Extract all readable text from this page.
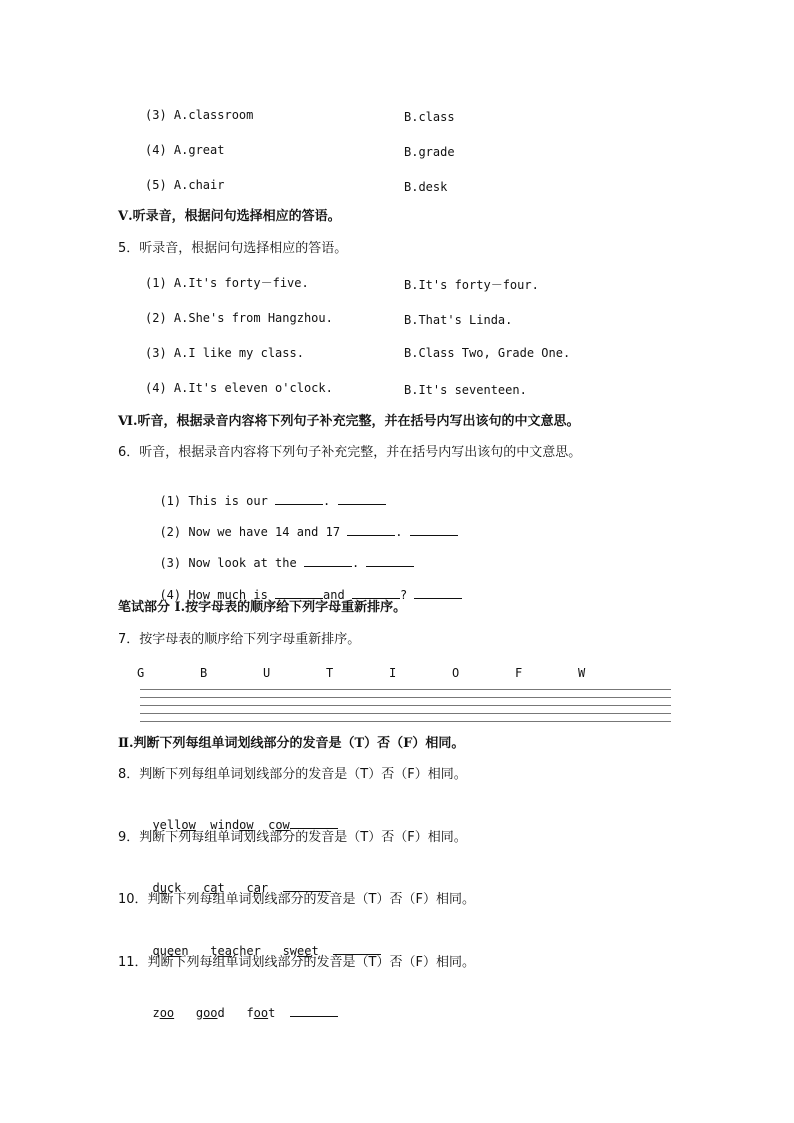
(3) A.classroom	B.class
(4) A.great	B.grade
(5) A.chair	B.desk
Ⅴ.听录音，根据问句选择相应的答语。
5．听录音，根据问句选择相应的答语。
(1) A.It's forty－five.	B.It's forty－four.
(2) A.She's from Hangzhou.	B.That's Linda.
(3) A.I like my class.	B.Class Two, Grade One.
(4) A.It's eleven o'clock.	B.It's seventeen.
Ⅵ.听音，根据录音内容将下列句子补充完整，并在括号内写出该句的中文意思。
6．听音，根据录音内容将下列句子补充完整，并在括号内写出该句的中文意思。

(1) This is our	.

(2) Now we have 14 and 17	.

(3) Now look at the	.

(4) How much is	and	?

笔试部分 Ⅰ.按字母表的顺序给下列字母重新排序。
7．按字母表的顺序给下列字母重新排序。
G	B	U	T	I	O	F	W
Ⅱ.判断下列每组单词划线部分的发音是（T）否（F）相同。
8．判断下列每组单词划线部分的发音是（T）否（F）相同。

yellow window cow

9．判断下列每组单词划线部分的发音是（T）否（F）相同。

duck cat car

10．判断下列每组单词划线部分的发音是（T）否（F）相同。

queen teacher sweet

11．判断下列每组单词划线部分的发音是（T）否（F）相同。

zoo good foot
